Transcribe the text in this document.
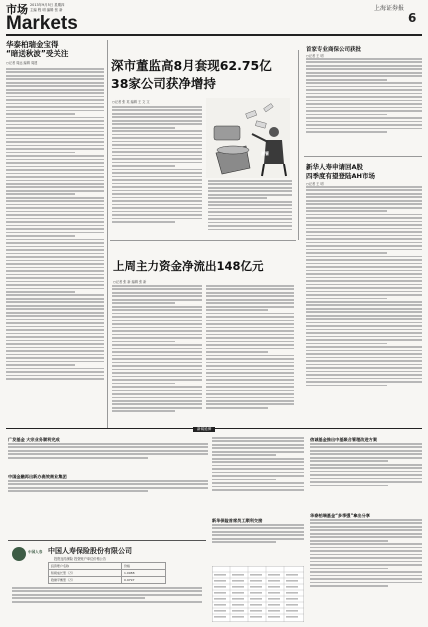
市场 2013年9月5日 星期四
主编 程 明 编辑 张 新
Markets
上海证券报
6
华泰柏瑞金宝得
“暗送秋波”受关注
○记者 周远 编辑 周建	深市董监高8月套现62.75亿
38家公司获净增持
○记者 张 英 编辑 王 文 文
高管
上周主力资金净流出148亿元
○记者 张 新 编辑 张 新
首家专业商保公司获批
○记者 王 明
新华人寿申请回A股
四季度有望登陆AH市场
○记者 王 明
新闻延伸
广发基金 大宗业务顺利完成
中国金融再出新办高效商业集团
新华保险首席员工顺利交接
信诚基金推出中基聚合管理改进方案
华泰柏瑞基金“多季强”拿出分享
中国人寿 中国人寿保险股份有限公司
投资连结保险 投资账户单位价格公告
投资账户名称	价格
积极成长型（万）	1.0988
稳健平衡型（万）	0.9797
